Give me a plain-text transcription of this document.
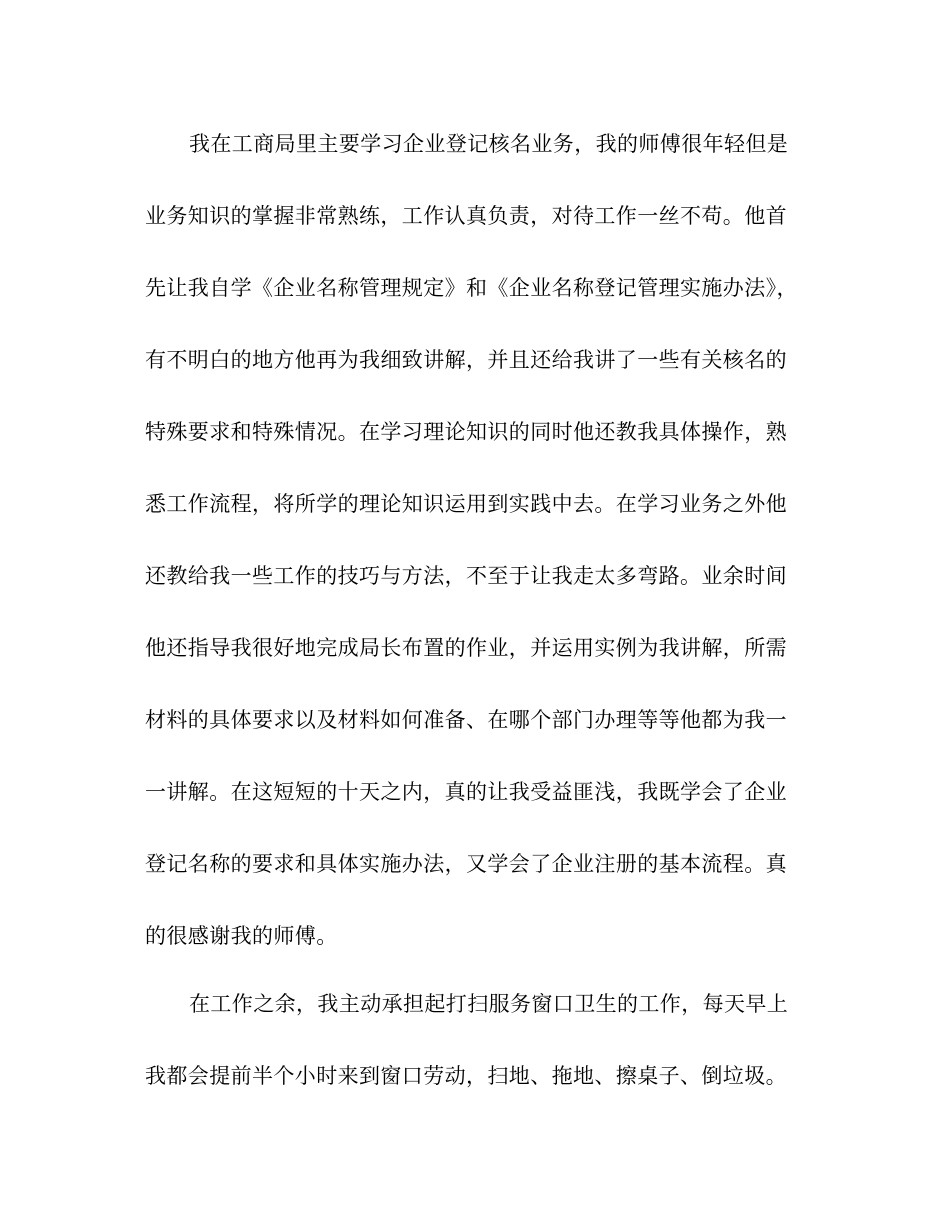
我在工商局里主要学习企业登记核名业务，我的师傅很年轻但是
业务知识的掌握非常熟练，工作认真负责，对待工作一丝不苟。他首
先让我自学《企业名称管理规定》和《企业名称登记管理实施办法》，
有不明白的地方他再为我细致讲解，并且还给我讲了一些有关核名的
特殊要求和特殊情况。在学习理论知识的同时他还教我具体操作，熟
悉工作流程，将所学的理论知识运用到实践中去。在学习业务之外他
还教给我一些工作的技巧与方法，不至于让我走太多弯路。业余时间
他还指导我很好地完成局长布置的作业，并运用实例为我讲解，所需
材料的具体要求以及材料如何准备、在哪个部门办理等等他都为我一
一讲解。在这短短的十天之内，真的让我受益匪浅，我既学会了企业
登记名称的要求和具体实施办法，又学会了企业注册的基本流程。真
的很感谢我的师傅。
在工作之余，我主动承担起打扫服务窗口卫生的工作，每天早上
我都会提前半个小时来到窗口劳动，扫地、拖地、擦桌子、倒垃圾。
